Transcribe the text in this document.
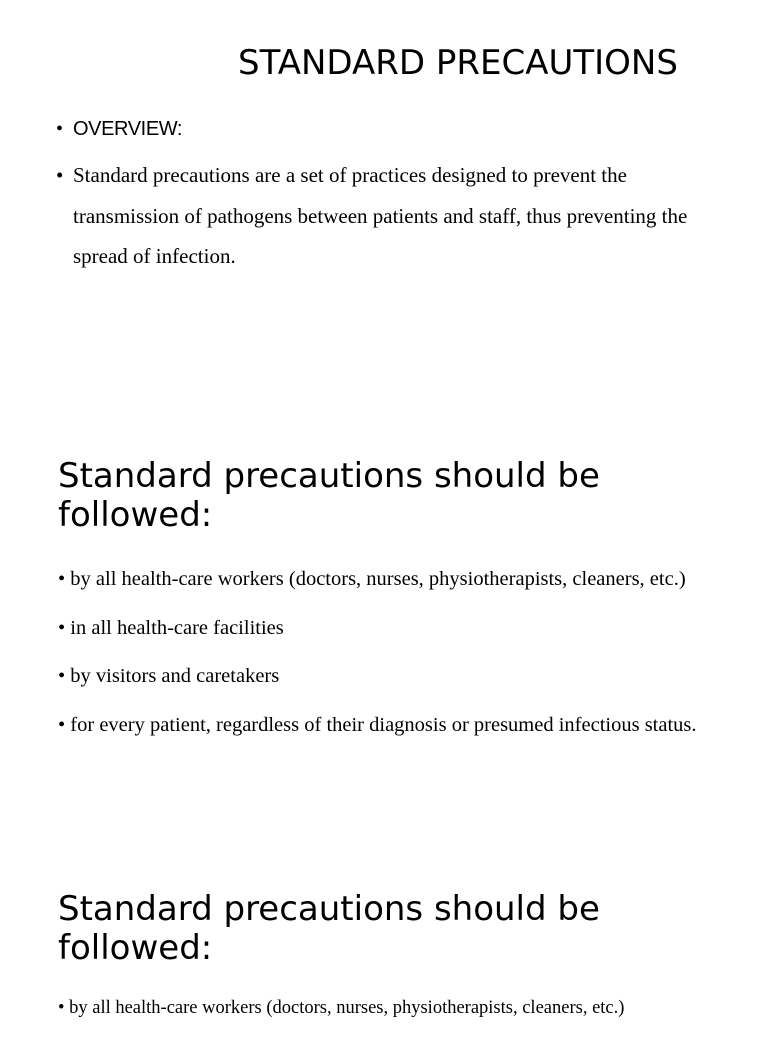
STANDARD PRECAUTIONS
• OVERVIEW:
• Standard precautions are a set of practices designed to prevent the transmission of pathogens between patients and staff, thus preventing the spread of infection.
Standard precautions should be followed:
• by all health-care workers (doctors, nurses, physiotherapists, cleaners, etc.)
• in all health-care facilities
• by visitors and caretakers
• for every patient, regardless of their diagnosis or presumed infectious status.
Standard precautions should be followed:
• by all health-care workers (doctors, nurses, physiotherapists, cleaners, etc.)
